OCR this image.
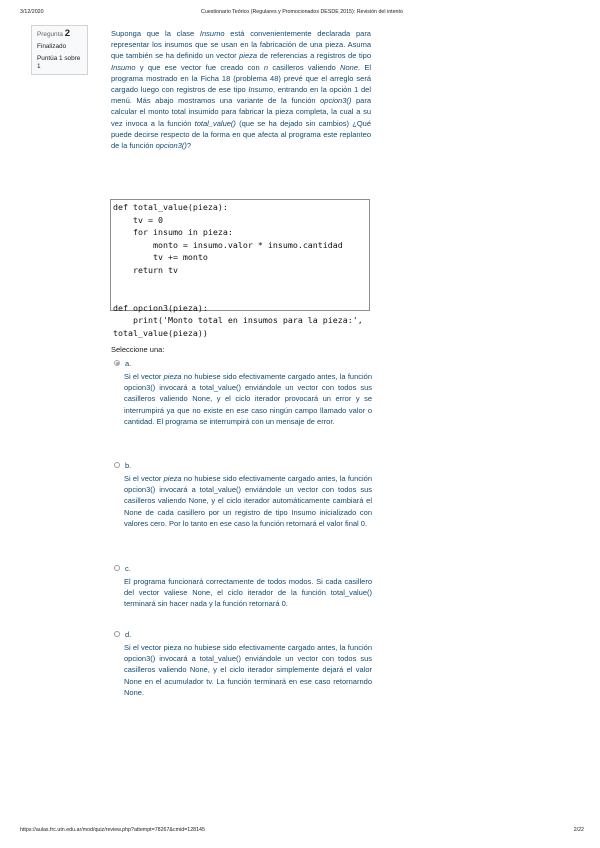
3/12/2020	Cuestionario Teórico (Regulares y Promocionados DESDE 2015): Revisión del intento
Pregunta 2
Finalizado
Puntúa 1 sobre 1
Suponga que la clase Insumo está convenientemente declarada para representar los insumos que se usan en la fabricación de una pieza. Asuma que también se ha definido un vector pieza de referencias a registros de tipo Insumo y que ese vector fue creado con n casilleros valiendo None. El programa mostrado en la Ficha 18 (problema 48) prevé que el arreglo será cargado luego con registros de ese tipo Insumo, entrando en la opción 1 del menú. Más abajo mostramos una variante de la función opcion3() para calcular el monto total insumido para fabricar la pieza completa, la cual a su vez invoca a la función total_value() (que se ha dejado sin cambios) ¿Qué puede decirse respecto de la forma en que afecta al programa este replanteo de la función opcion3()?
def total_value(pieza):
tv = 0
for insumo in pieza:
monto = insumo.valor * insumo.cantidad
tv += monto
return tv
def opcion3(pieza):
print('Monto total en insumos para la pieza:',
total_value(pieza))
Seleccione una:
a.
Si el vector pieza no hubiese sido efectivamente cargado antes, la función opcion3() invocará a total_value() enviándole un vector con todos sus casilleros valiendo None, y el ciclo iterador provocará un error y se interrumpirá ya que no existe en ese caso ningún campo llamado valor o cantidad. El programa se interrumpirá con un mensaje de error.
b.
Si el vector pieza no hubiese sido efectivamente cargado antes, la función opcion3() invocará a total_value() enviándole un vector con todos sus casilleros valiendo None, y el ciclo iterador automáticamente cambiará el None de cada casillero por un registro de tipo Insumo inicializado con valores cero. Por lo tanto en ese caso la función retornará el valor final 0.
c.
El programa funcionará correctamente de todos modos. Si cada casillero del vector valiese None, el ciclo iterador de la función total_value() terminará sin hacer nada y la función retornará 0.
d.
Si el vector pieza no hubiese sido efectivamente cargado antes, la función opcion3() invocará a total_value() enviándole un vector con todos sus casilleros valiendo None, y el ciclo iterador simplemente dejará el valor None en el acumulador tv. La función terminará en ese caso retornarndo None.
https://aulas.frc.utn.edu.ar/mod/quiz/review.php?attempt=78267&cmid=128145	2/22
